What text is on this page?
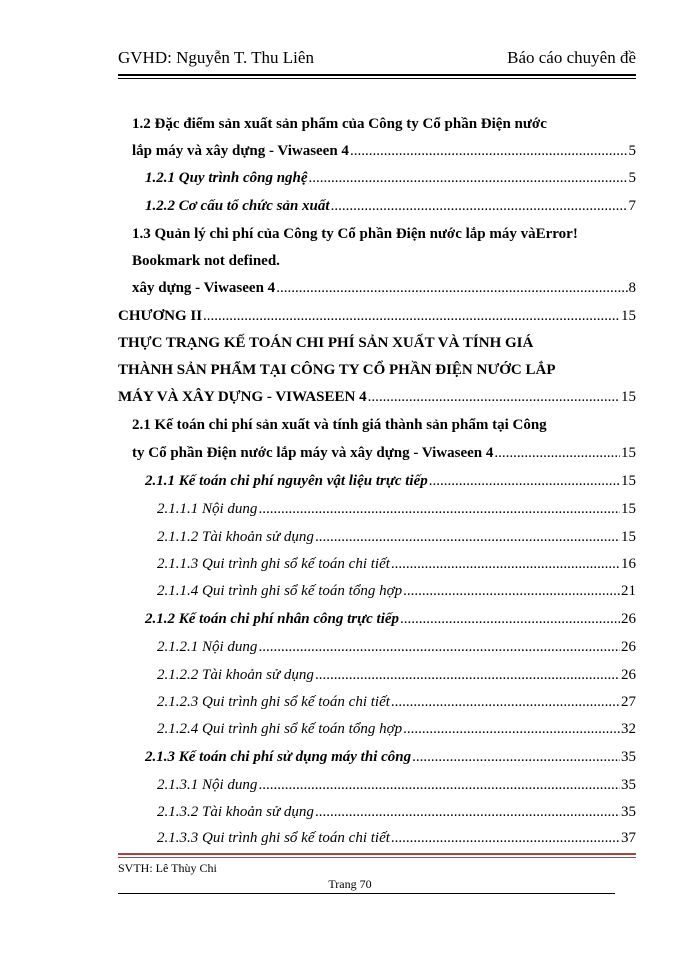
GVHD: Nguyễn T. Thu Liên	Báo cáo chuyên đề
1.2 Đặc điểm sản xuất sản phẩm của Công ty Cổ phần Điện nước
lắp máy và xây dựng - Viwaseen 4 .....	5
1.2.1 Quy trình công nghệ .....	5
1.2.2 Cơ cấu tổ chức sản xuất .....	7
1.3 Quản lý chi phí của Công ty Cổ phần Điện nước lắp máy vàError!
Bookmark not defined.
xây dựng - Viwaseen 4 .....	8
CHƯƠNG II .....	15
THỰC TRẠNG KẾ TOÁN CHI PHÍ SẢN XUẤT VÀ TÍNH GIÁ
THÀNH SẢN PHẨM TẠI CÔNG TY CỔ PHẦN ĐIỆN NƯỚC LẮP
MÁY VÀ XÂY DỰNG - VIWASEEN 4 .....	15
2.1 Kế toán chi phí sản xuất và tính giá thành sản phẩm tại Công
ty Cổ phần Điện nước lắp máy và xây dựng - Viwaseen 4 .....	15
2.1.1 Kế toán chi phí nguyên vật liệu trực tiếp .....	15
2.1.1.1 Nội dung .....	15
2.1.1.2 Tài khoản sử dụng .....	15
2.1.1.3 Qui trình ghi sổ kế toán chi tiết .....	16
2.1.1.4 Qui trình ghi sổ kế toán tổng hợp .....	21
2.1.2 Kế toán chi phí nhân công trực tiếp .....	26
2.1.2.1 Nội dung .....	26
2.1.2.2 Tài khoản sử dụng .....	26
2.1.2.3 Qui trình ghi sổ kế toán chi tiết .....	27
2.1.2.4 Qui trình ghi sổ kế toán tổng hợp .....	32
2.1.3 Kế toán chi phí sử dụng máy thi công .....	35
2.1.3.1 Nội dung .....	35
2.1.3.2 Tài khoản sử dụng .....	35
2.1.3.3 Qui trình ghi sổ kế toán chi tiết .....	37
SVTH: Lê Thùy Chi
Trang 70
